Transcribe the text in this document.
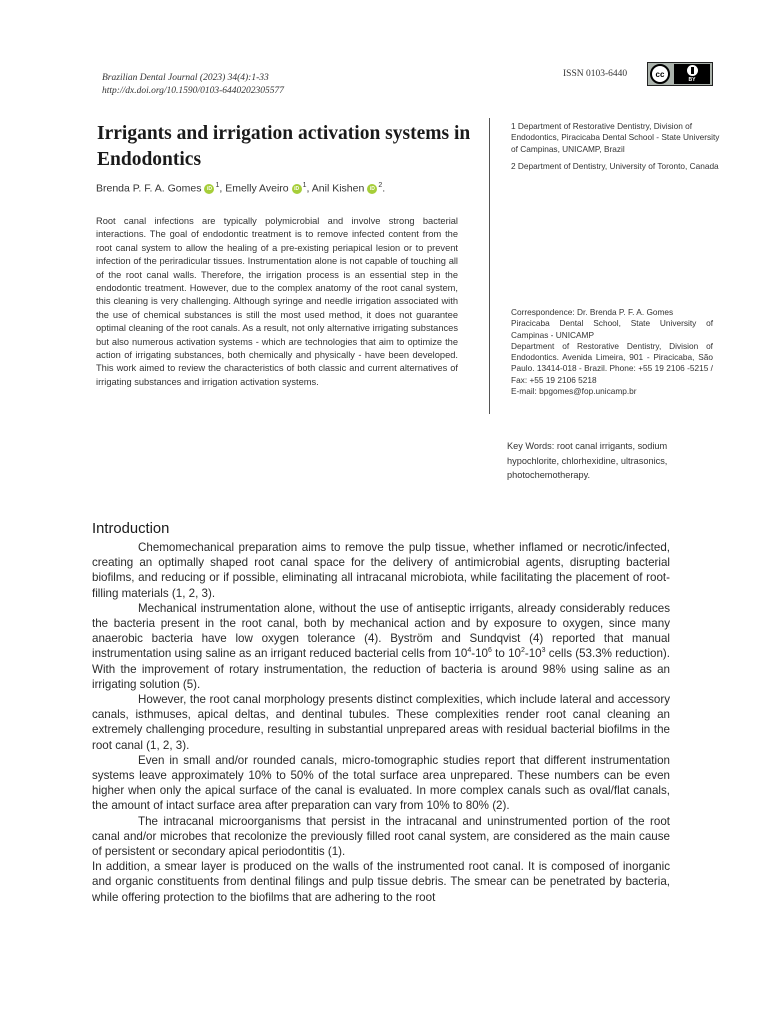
Brazilian Dental Journal (2023) 34(4):1-33
http://dx.doi.org/10.1590/0103-6440202305577
ISSN 0103-6440	cc
BY
Irrigants and irrigation activation systems in Endodontics
Brenda P. F. A. Gomes iD $^1$, Emelly Aveiro iD $^1$, Anil Kishen iD $^2$.

Root canal infections are typically polymicrobial and involve strong bacterial interactions. The goal of endodontic treatment is to remove infected content from the root canal system to allow the healing of a pre-existing periapical lesion or to prevent infection of the periradicular tissues. Instrumentation alone is not capable of touching all of the root canal walls. Therefore, the irrigation process is an essential step in the endodontic treatment. However, due to the complex anatomy of the root canal system, this cleaning is very challenging. Although syringe and needle irrigation associated with the use of chemical substances is still the most used method, it does not guarantee optimal cleaning of the root canals. As a result, not only alternative irrigating substances but also numerous activation systems - which are technologies that aim to optimize the action of irrigating substances, both chemically and physically - have been developed. This work aimed to review the characteristics of both classic and current alternatives of irrigating substances and irrigation activation systems.

1 Department of Restorative Dentistry, Division of Endodontics, Piracicaba Dental School - State University of Campinas, UNICAMP, Brazil
2 Department of Dentistry, University of Toronto, Canada
Correspondence: Dr. Brenda P. F. A. Gomes
Piracicaba Dental School, State University of Campinas - UNICAMP
Department of Restorative Dentistry, Division of Endodontics. Avenida Limeira, 901 - Piracicaba, São Paulo. 13414-018 - Brazil. Phone: +55 19 2106 -5215 / Fax: +55 19 2106 5218
E-mail: bpgomes@fop.unicamp.br
Key Words: root canal irrigants, sodium hypochlorite, chlorhexidine, ultrasonics, photochemotherapy.
Introduction

Chemomechanical preparation aims to remove the pulp tissue, whether inflamed or necrotic/infected, creating an optimally shaped root canal space for the delivery of antimicrobial agents, disrupting bacterial biofilms, and reducing or if possible, eliminating all intracanal microbiota, while facilitating the placement of root-filling materials (1, 2, 3).

Mechanical instrumentation alone, without the use of antiseptic irrigants, already considerably reduces the bacteria present in the root canal, both by mechanical action and by exposure to oxygen, since many anaerobic bacteria have low oxygen tolerance (4). Byström and Sundqvist (4) reported that manual instrumentation using saline as an irrigant reduced bacterial cells from $10^4-10^6$ to $10^2-10^3$ cells (53.3% reduction). With the improvement of rotary instrumentation, the reduction of bacteria is around 98% using saline as an irrigating solution (5).

However, the root canal morphology presents distinct complexities, which include lateral and accessory canals, isthmuses, apical deltas, and dentinal tubules. These complexities render root canal cleaning an extremely challenging procedure, resulting in substantial unprepared areas with residual bacterial biofilms in the root canal (1, 2, 3).

Even in small and/or rounded canals, micro-tomographic studies report that different instrumentation systems leave approximately 10% to 50% of the total surface area unprepared. These numbers can be even higher when only the apical surface of the canal is evaluated. In more complex canals such as oval/flat canals, the amount of intact surface area after preparation can vary from 10% to 80% (2).

The intracanal microorganisms that persist in the intracanal and uninstrumented portion of the root canal and/or microbes that recolonize the previously filled root canal system, are considered as the main cause of persistent or secondary apical periodontitis (1).

In addition, a smear layer is produced on the walls of the instrumented root canal. It is composed of inorganic and organic constituents from dentinal filings and pulp tissue debris. The smear can be penetrated by bacteria, while offering protection to the biofilms that are adhering to the root
